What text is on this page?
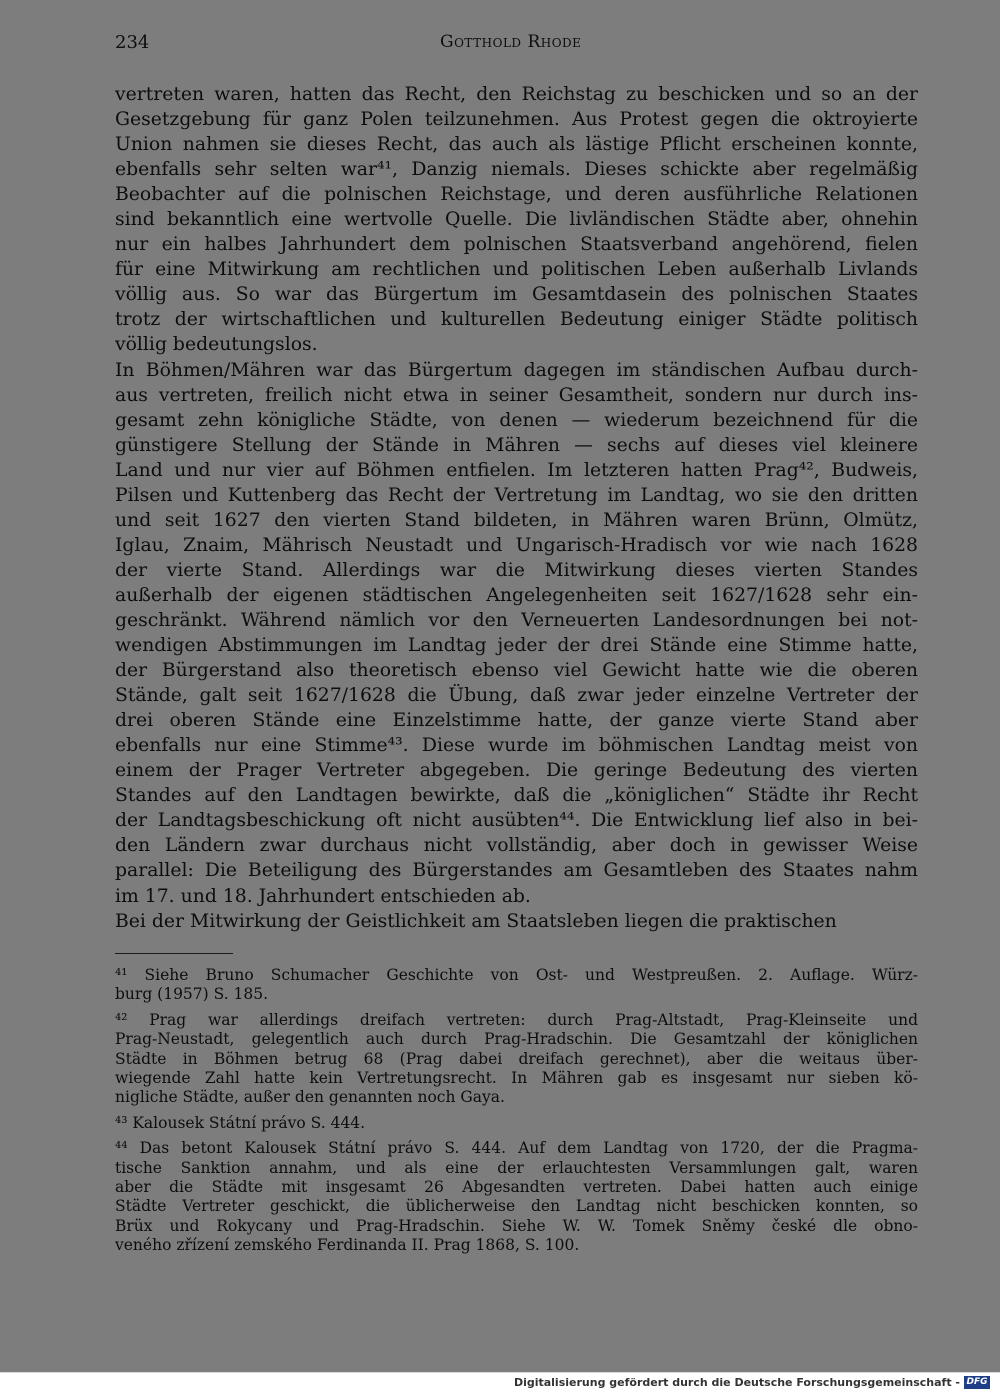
234	Gotthold Rhode
vertreten waren, hatten das Recht, den Reichstag zu beschicken und so an der
Gesetzgebung für ganz Polen teilzunehmen. Aus Protest gegen die oktroyierte
Union nahmen sie dieses Recht, das auch als lästige Pflicht erscheinen konnte,
ebenfalls sehr selten war⁴¹, Danzig niemals. Dieses schickte aber regelmäßig
Beobachter auf die polnischen Reichstage, und deren ausführliche Relationen
sind bekanntlich eine wertvolle Quelle. Die livländischen Städte aber, ohnehin
nur ein halbes Jahrhundert dem polnischen Staatsverband angehörend, fielen
für eine Mitwirkung am rechtlichen und politischen Leben außerhalb Livlands
völlig aus. So war das Bürgertum im Gesamtdasein des polnischen Staates
trotz der wirtschaftlichen und kulturellen Bedeutung einiger Städte politisch
völlig bedeutungslos.
In Böhmen/Mähren war das Bürgertum dagegen im ständischen Aufbau durch-
aus vertreten, freilich nicht etwa in seiner Gesamtheit, sondern nur durch ins-
gesamt zehn königliche Städte, von denen — wiederum bezeichnend für die
günstigere Stellung der Stände in Mähren — sechs auf dieses viel kleinere
Land und nur vier auf Böhmen entfielen. Im letzteren hatten Prag⁴², Budweis,
Pilsen und Kuttenberg das Recht der Vertretung im Landtag, wo sie den dritten
und seit 1627 den vierten Stand bildeten, in Mähren waren Brünn, Olmütz,
Iglau, Znaim, Mährisch Neustadt und Ungarisch-Hradisch vor wie nach 1628
der vierte Stand. Allerdings war die Mitwirkung dieses vierten Standes
außerhalb der eigenen städtischen Angelegenheiten seit 1627/1628 sehr ein-
geschränkt. Während nämlich vor den Verneuerten Landesordnungen bei not-
wendigen Abstimmungen im Landtag jeder der drei Stände eine Stimme hatte,
der Bürgerstand also theoretisch ebenso viel Gewicht hatte wie die oberen
Stände, galt seit 1627/1628 die Übung, daß zwar jeder einzelne Vertreter der
drei oberen Stände eine Einzelstimme hatte, der ganze vierte Stand aber
ebenfalls nur eine Stimme⁴³. Diese wurde im böhmischen Landtag meist von
einem der Prager Vertreter abgegeben. Die geringe Bedeutung des vierten
Standes auf den Landtagen bewirkte, daß die „königlichen“ Städte ihr Recht
der Landtagsbeschickung oft nicht ausübten⁴⁴. Die Entwicklung lief also in bei-
den Ländern zwar durchaus nicht vollständig, aber doch in gewisser Weise
parallel: Die Beteiligung des Bürgerstandes am Gesamtleben des Staates nahm
im 17. und 18. Jahrhundert entschieden ab.
Bei der Mitwirkung der Geistlichkeit am Staatsleben liegen die praktischen
⁴¹ Siehe Bruno Schumacher Geschichte von Ost- und Westpreußen. 2. Auflage. Würz-
burg (1957) S. 185.
⁴² Prag war allerdings dreifach vertreten: durch Prag-Altstadt, Prag-Kleinseite und
Prag-Neustadt, gelegentlich auch durch Prag-Hradschin. Die Gesamtzahl der königlichen
Städte in Böhmen betrug 68 (Prag dabei dreifach gerechnet), aber die weitaus über-
wiegende Zahl hatte kein Vertretungsrecht. In Mähren gab es insgesamt nur sieben kö-
nigliche Städte, außer den genannten noch Gaya.
⁴³ Kalousek Státní právo S. 444.
⁴⁴ Das betont Kalousek Státní právo S. 444. Auf dem Landtag von 1720, der die Pragma-
tische Sanktion annahm, und als eine der erlauchtesten Versammlungen galt, waren
aber die Städte mit insgesamt 26 Abgesandten vertreten. Dabei hatten auch einige
Städte Vertreter geschickt, die üblicherweise den Landtag nicht beschicken konnten, so
Brüx und Rokycany und Prag-Hradschin. Siehe W. W. Tomek Sněmy české dle obno-
veného zřízení zemského Ferdinanda II. Prag 1868, S. 100.
Digitalisierung gefördert durch die Deutsche Forschungsgemeinschaft - DFG
